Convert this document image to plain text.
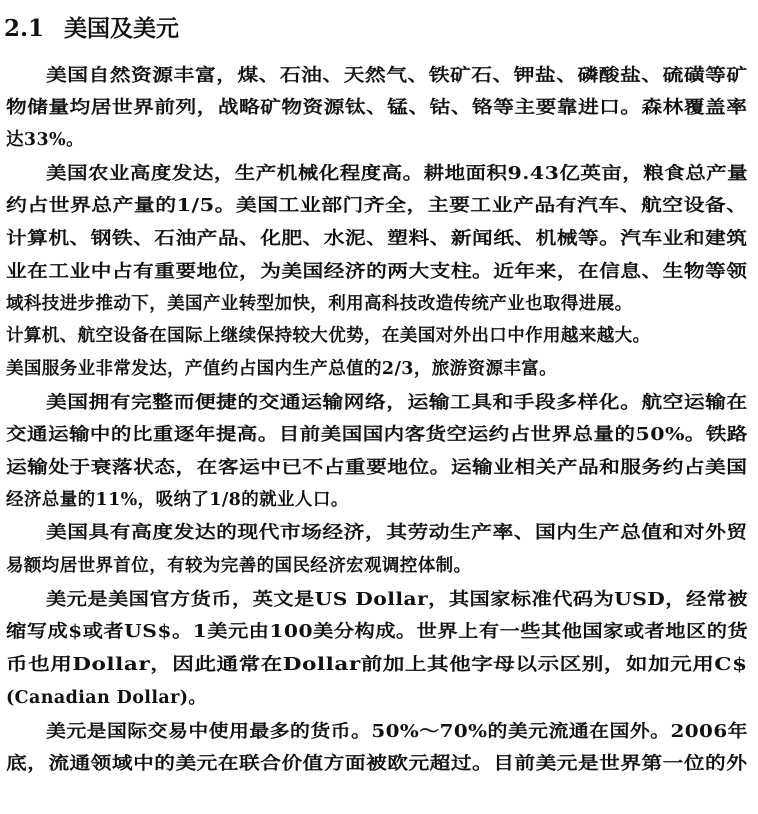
2.1 美国及美元

美国自然资源丰富，煤、石油、天然气、铁矿石、钾盐、磷酸盐、硫磺等矿

物储量均居世界前列，战略矿物资源钛、锰、钴、铬等主要靠进口。森林覆盖率

达33%。

美国农业高度发达，生产机械化程度高。耕地面积9.43亿英亩，粮食总产量

约占世界总产量的1/5。美国工业部门齐全，主要工业产品有汽车、航空设备、

计算机、钢铁、石油产品、化肥、水泥、塑料、新闻纸、机械等。汽车业和建筑

业在工业中占有重要地位，为美国经济的两大支柱。近年来，在信息、生物等领

域科技进步推动下，美国产业转型加快，利用高科技改造传统产业也取得进展。

计算机、航空设备在国际上继续保持较大优势，在美国对外出口中作用越来越大。

美国服务业非常发达，产值约占国内生产总值的2/3，旅游资源丰富。

美国拥有完整而便捷的交通运输网络，运输工具和手段多样化。航空运输在

交通运输中的比重逐年提高。目前美国国内客货空运约占世界总量的50%。铁路

运输处于衰落状态，在客运中已不占重要地位。运输业相关产品和服务约占美国

经济总量的11%，吸纳了1/8的就业人口。

美国具有高度发达的现代市场经济，其劳动生产率、国内生产总值和对外贸

易额均居世界首位，有较为完善的国民经济宏观调控体制。

美元是美国官方货币，英文是US Dollar，其国家标准代码为USD，经常被

缩写成$或者US$。1美元由100美分构成。世界上有一些其他国家或者地区的货

币也用Dollar，因此通常在Dollar前加上其他字母以示区别，如加元用C$

(Canadian Dollar)。

美元是国际交易中使用最多的货币。50%～70%的美元流通在国外。2006年

底，流通领域中的美元在联合价值方面被欧元超过。目前美元是世界第一位的外
